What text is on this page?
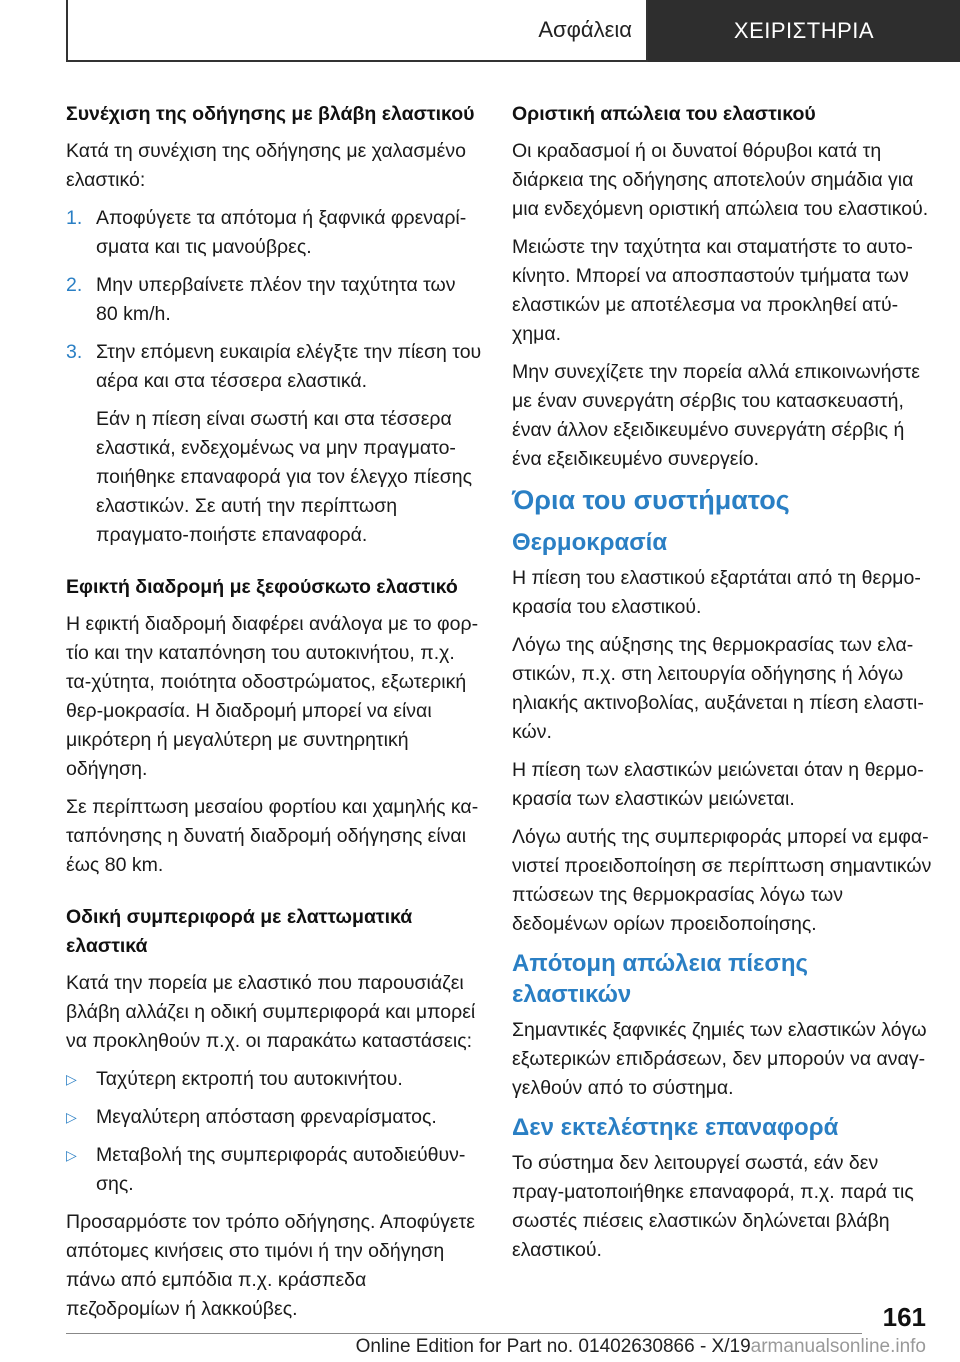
Ασφάλεια	ΧΕΙΡΙΣΤΗΡΙΑ
Συνέχιση της οδήγησης με βλάβη ελαστικού

Κατά τη συνέχιση της οδήγησης με χαλασμένο ελαστικό:

1. Αποφύγετε τα απότομα ή ξαφνικά φρεναρί-σματα και τις μανούβρες.
2. Μην υπερβαίνετε πλέον την ταχύτητα των 80 km/h.
3. Στην επόμενη ευκαιρία ελέγξτε την πίεση του αέρα και στα τέσσερα ελαστικά.

Εάν η πίεση είναι σωστή και στα τέσσερα ελαστικά, ενδεχομένως να μην πραγματο-ποιήθηκε επαναφορά για τον έλεγχο πίεσης ελαστικών. Σε αυτή την περίπτωση πραγματο-ποιήστε επαναφορά.

Εφικτή διαδρομή με ξεφούσκωτο ελαστικό

Η εφικτή διαδρομή διαφέρει ανάλογα με το φορ-τίο και την καταπόνηση του αυτοκινήτου, π.χ. τα-χύτητα, ποιότητα οδοστρώματος, εξωτερική θερ-μοκρασία. Η διαδρομή μπορεί να είναι μικρότερη ή μεγαλύτερη με συντηρητική οδήγηση.

Σε περίπτωση μεσαίου φορτίου και χαμηλής κα-ταπόνησης η δυνατή διαδρομή οδήγησης είναι έως 80 km.

Οδική συμπεριφορά με ελαττωματικά ελαστικά

Κατά την πορεία με ελαστικό που παρουσιάζει βλάβη αλλάζει η οδική συμπεριφορά και μπορεί να προκληθούν π.χ. οι παρακάτω καταστάσεις:

▷ Ταχύτερη εκτροπή του αυτοκινήτου.
▷ Μεγαλύτερη απόσταση φρεναρίσματος.
▷ Μεταβολή της συμπεριφοράς αυτοδιεύθυν-σης.

Προσαρμόστε τον τρόπο οδήγησης. Αποφύγετε απότομες κινήσεις στο τιμόνι ή την οδήγηση πάνω από εμπόδια π.χ. κράσπεδα πεζοδρομίων ή λακκούβες.

Οριστική απώλεια του ελαστικού

Οι κραδασμοί ή οι δυνατοί θόρυβοι κατά τη διάρκεια της οδήγησης αποτελούν σημάδια για μια ενδεχόμενη οριστική απώλεια του ελαστικού.

Μειώστε την ταχύτητα και σταματήστε το αυτο-κίνητο. Μπορεί να αποσπαστούν τμήματα των ελαστικών με αποτέλεσμα να προκληθεί ατύ-χημα.

Μην συνεχίζετε την πορεία αλλά επικοινωνήστε με έναν συνεργάτη σέρβις του κατασκευαστή, έναν άλλον εξειδικευμένο συνεργάτη σέρβις ή ένα εξειδικευμένο συνεργείο.

Όρια του συστήματος
Θερμοκρασία

Η πίεση του ελαστικού εξαρτάται από τη θερμο-κρασία του ελαστικού.

Λόγω της αύξησης της θερμοκρασίας των ελα-στικών, π.χ. στη λειτουργία οδήγησης ή λόγω ηλιακής ακτινοβολίας, αυξάνεται η πίεση ελαστι-κών.

Η πίεση των ελαστικών μειώνεται όταν η θερμο-κρασία των ελαστικών μειώνεται.

Λόγω αυτής της συμπεριφοράς μπορεί να εμφα-νιστεί προειδοποίηση σε περίπτωση σημαντικών πτώσεων της θερμοκρασίας λόγω των δεδομένων ορίων προειδοποίησης.

Απότομη απώλεια πίεσης ελαστικών

Σημαντικές ξαφνικές ζημιές των ελαστικών λόγω εξωτερικών επιδράσεων, δεν μπορούν να αναγ-γελθούν από το σύστημα.

Δεν εκτελέστηκε επαναφορά

Το σύστημα δεν λειτουργεί σωστά, εάν δεν πραγ-ματοποιήθηκε επαναφορά, π.χ. παρά τις σωστές πιέσεις ελαστικών δηλώνεται βλάβη ελαστικού.

161
Online Edition for Part no. 01402630866 - X/19armanualsonline.info
